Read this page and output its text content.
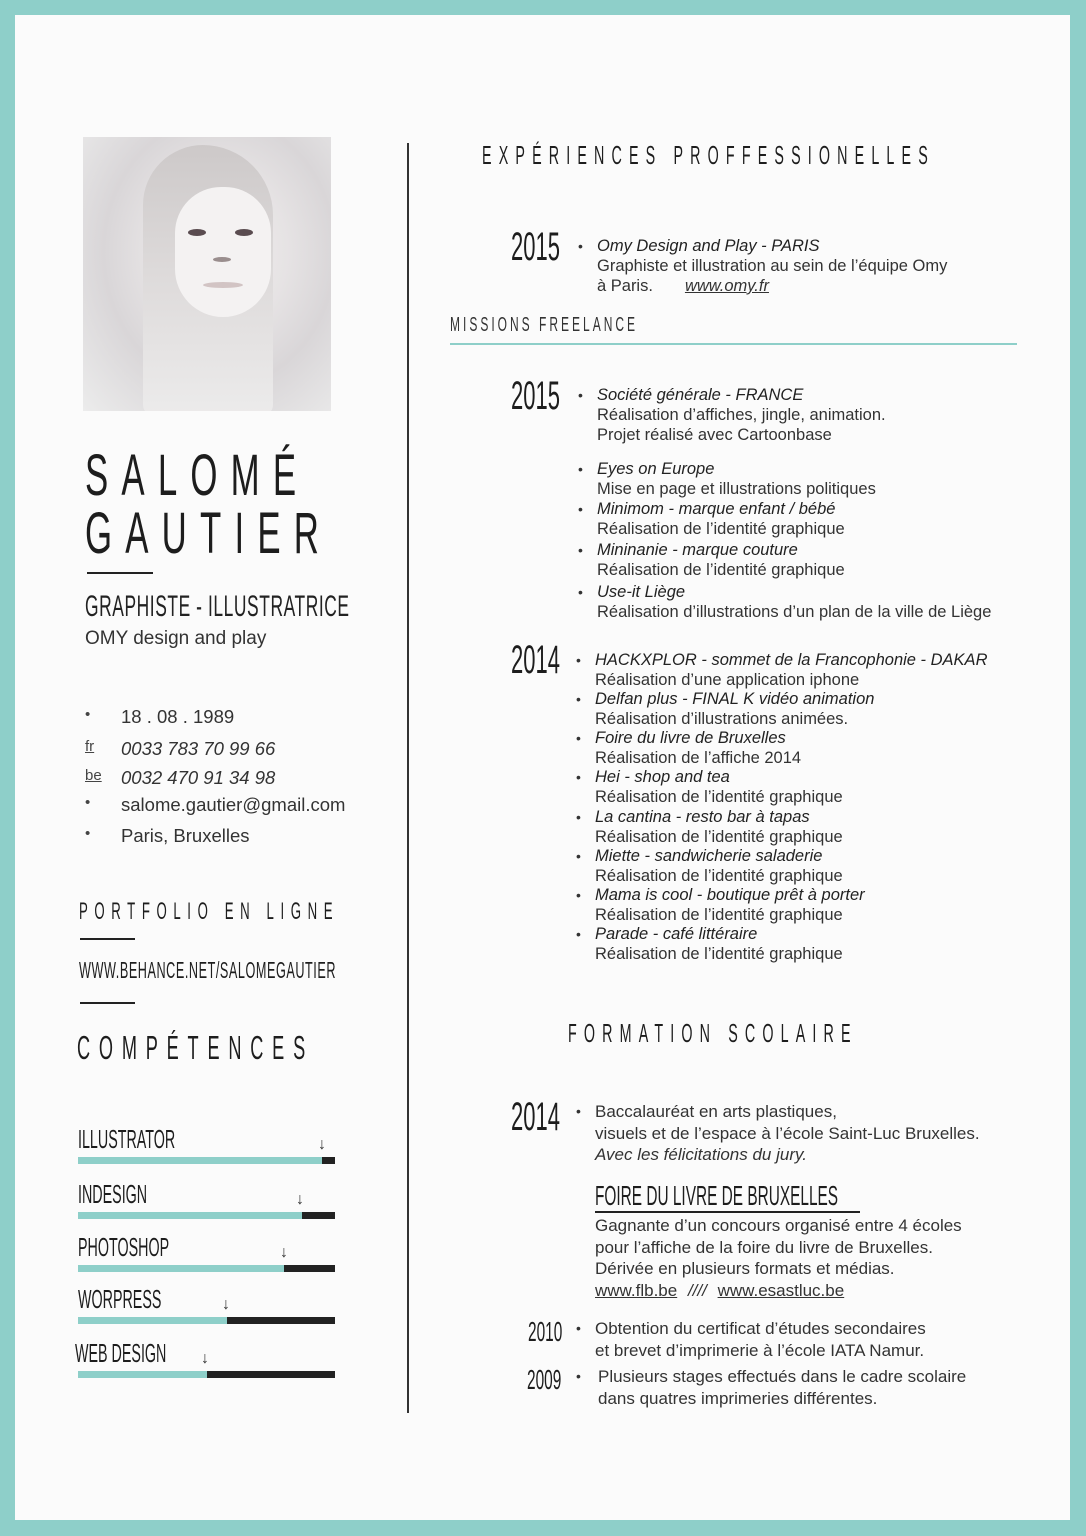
SALOMÉ
GAUTIER
GRAPHISTE - ILLUSTRATRICE
OMY design and play
•	18 . 08 . 1989
fr	0033 783 70 99 66
be	0032 470 91 34 98
•	salome.gautier@gmail.com
•	Paris, Bruxelles
PORTFOLIO EN LIGNE
WWW.BEHANCE.NET/SALOMEGAUTIER
COMPÉTENCES
ILLUSTRATOR	↓
INDESIGN	↓
PHOTOSHOP	↓
WORPRESS	↓
WEB DESIGN	↓
EXPÉRIENCES PROFFESSIONELLES
2015	• Omy Design and Play - PARIS
Graphiste et illustration au sein de l’équipe Omy
à Paris. www.omy.fr
MISSIONS FREELANCE
2015	• Société générale - FRANCE
Réalisation d’affiches, jingle, animation.
Projet réalisé avec Cartoonbase
• Eyes on Europe
Mise en page et illustrations politiques
• Minimom - marque enfant / bébé
Réalisation de l’identité graphique
• Mininanie - marque couture
Réalisation de l’identité graphique
• Use-it Liège
Réalisation d’illustrations d’un plan de la ville de Liège
2014	• HACKXPLOR - sommet de la Francophonie - DAKAR
Réalisation d’une application iphone
• Delfan plus - FINAL K vidéo animation
Réalisation d’illustrations animées.
• Foire du livre de Bruxelles
Réalisation de l’affiche 2014
• Hei - shop and tea
Réalisation de l’identité graphique
• La cantina - resto bar à tapas
Réalisation de l’identité graphique
• Miette - sandwicherie saladerie
Réalisation de l’identité graphique
• Mama is cool - boutique prêt à porter
Réalisation de l’identité graphique
• Parade - café littéraire
Réalisation de l’identité graphique
FORMATION SCOLAIRE
2014	• Baccalauréat en arts plastiques,
visuels et de l’espace à l’école Saint-Luc Bruxelles.
Avec les félicitations du jury.
FOIRE DU LIVRE DE BRUXELLES
Gagnante d’un concours organisé entre 4 écoles
pour l’affiche de la foire du livre de Bruxelles.
Dérivée en plusieurs formats et médias.
www.flb.be //// www.esastluc.be
2010 • Obtention du certificat d’études secondaires
et brevet d’imprimerie à l’école IATA Namur.
2009	• Plusieurs stages effectués dans le cadre scolaire
dans quatres imprimeries différentes.
